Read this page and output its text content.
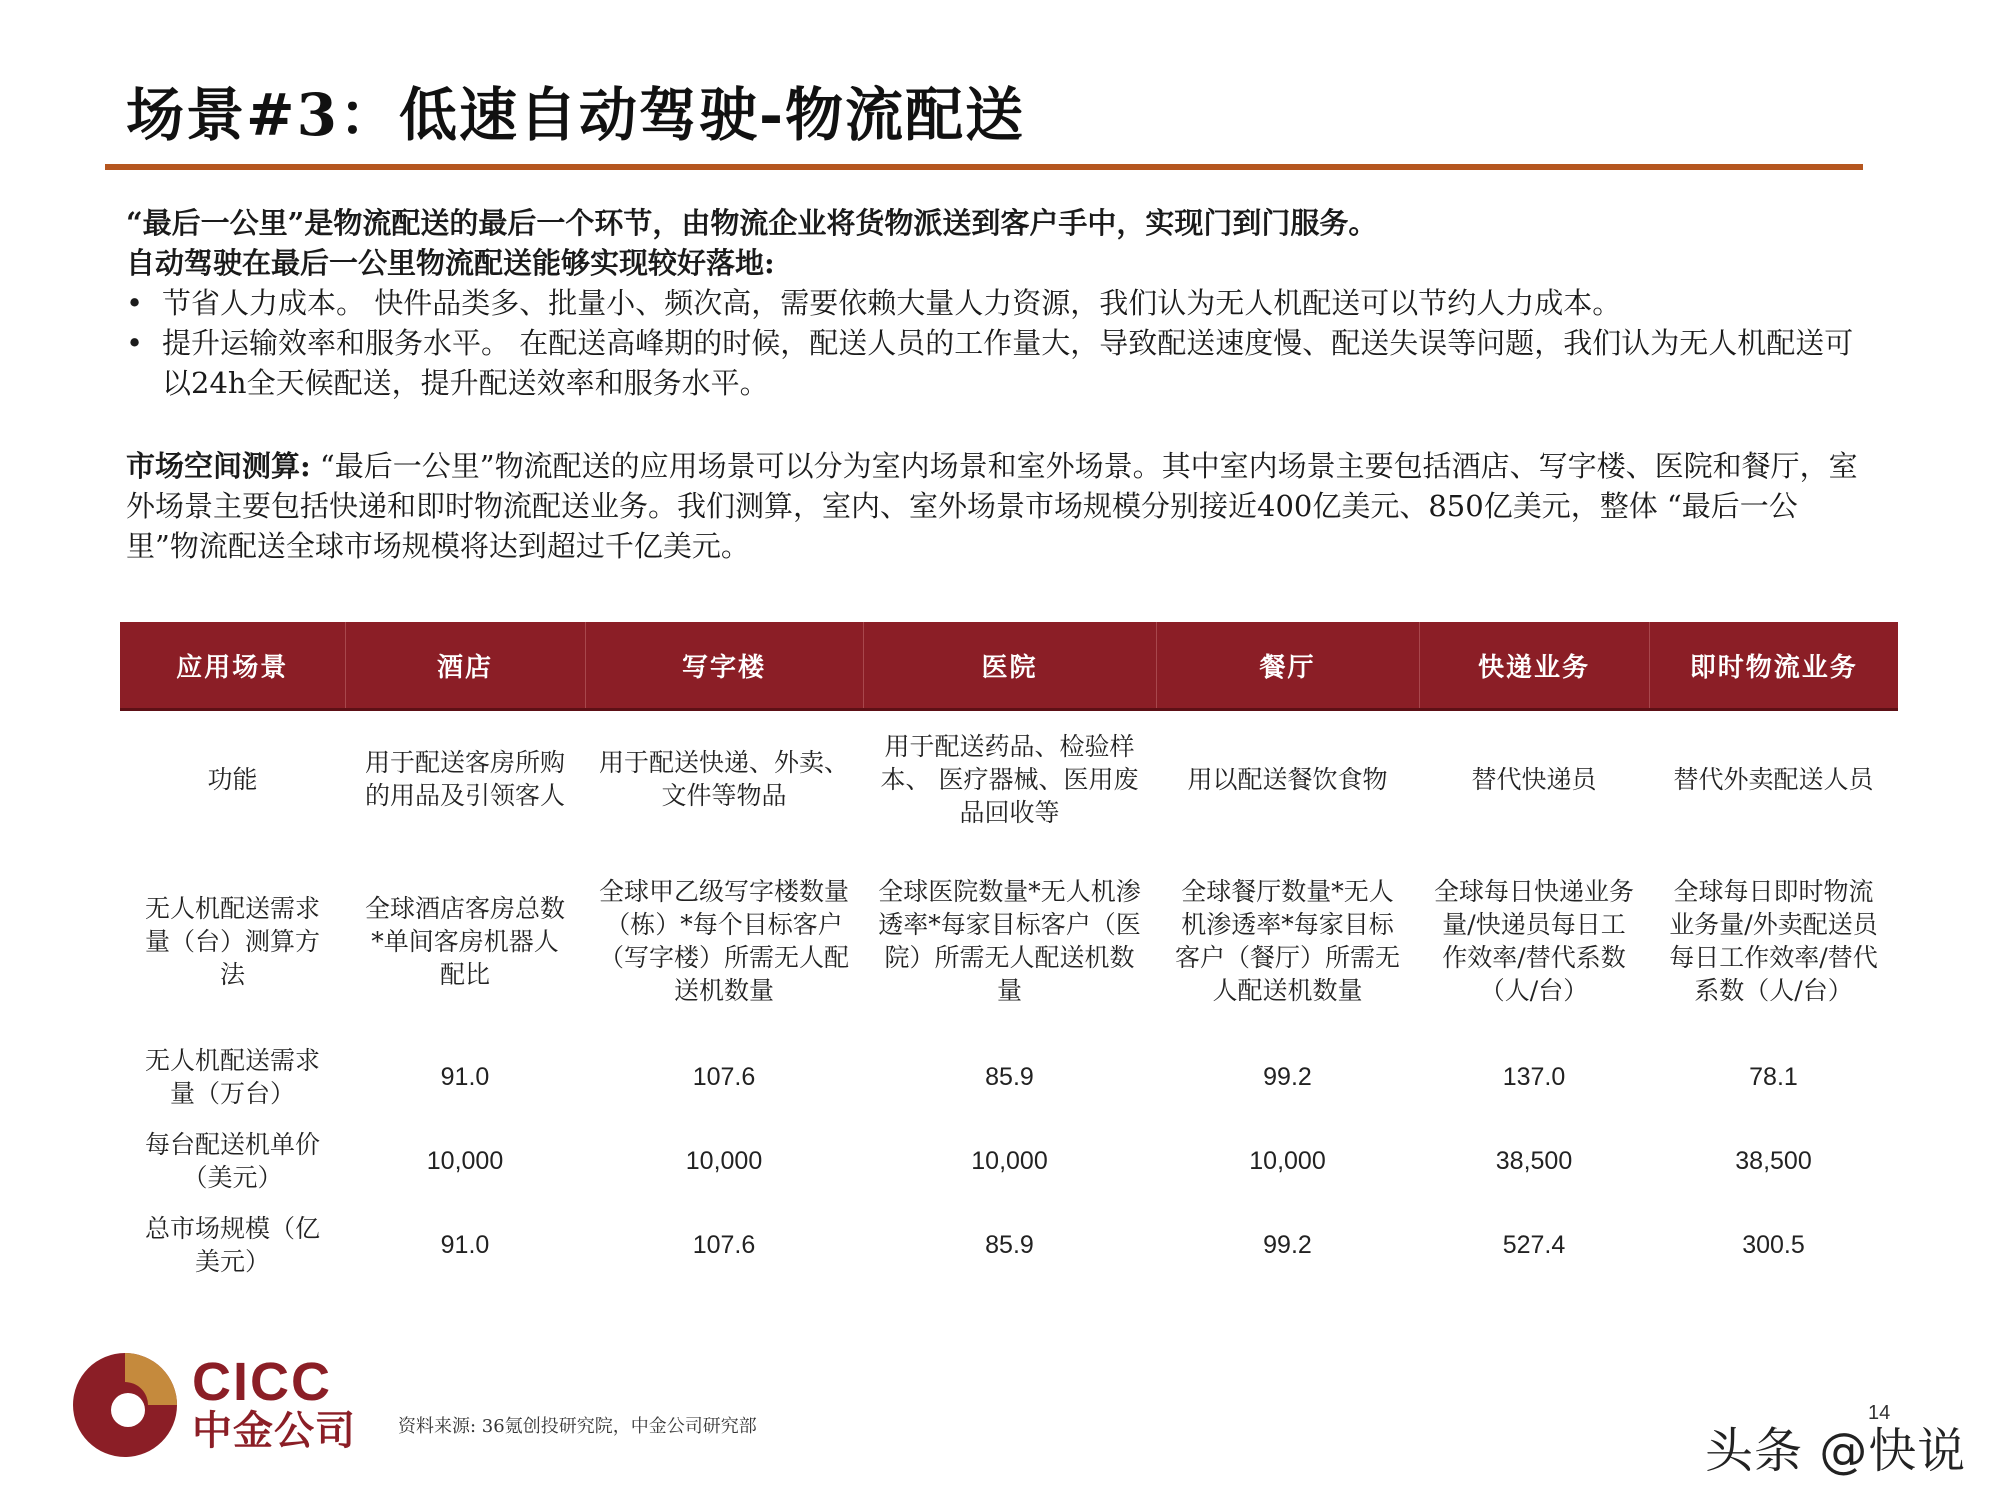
场景#3：低速自动驾驶-物流配送
“最后一公里”是物流配送的最后一个环节，由物流企业将货物派送到客户手中，实现门到门服务。
自动驾驶在最后一公里物流配送能够实现较好落地:
• 节省人力成本。 快件品类多、批量小、频次高，需要依赖大量人力资源，我们认为无人机配送可以节约人力成本。
• 提升运输效率和服务水平。 在配送高峰期的时候，配送人员的工作量大，导致配送速度慢、配送失误等问题，我们认为无人机配送可以24h全天候配送，提升配送效率和服务水平。
市场空间测算: “最后一公里”物流配送的应用场景可以分为室内场景和室外场景。其中室内场景主要包括酒店、写字楼、医院和餐厅，室外场景主要包括快递和即时物流配送业务。我们测算，室内、室外场景市场规模分别接近400亿美元、850亿美元，整体 “最后一公里”物流配送全球市场规模将达到超过千亿美元。
应用场景	酒店	写字楼	医院	餐厅	快递业务	即时物流业务
功能	用于配送客房所购的用品及引领客人	用于配送快递、外卖、文件等物品	用于配送药品、检验样本、 医疗器械、医用废品回收等	用以配送餐饮食物	替代快递员	替代外卖配送人员
无人机配送需求量（台）测算方法	全球酒店客房总数*单间客房机器人配比	全球甲乙级写字楼数量（栋）*每个目标客户（写字楼）所需无人配送机数量	全球医院数量*无人机渗透率*每家目标客户（医院）所需无人配送机数量	全球餐厅数量*无人机渗透率*每家目标客户（餐厅）所需无人配送机数量	全球每日快递业务量/快递员每日工作效率/替代系数（人/台）	全球每日即时物流业务量/外卖配送员每日工作效率/替代系数（人/台）
无人机配送需求量（万台）	91.0	107.6	85.9	99.2	137.0	78.1
每台配送机单价（美元）	10,000	10,000	10,000	10,000	38,500	38,500
总市场规模（亿美元）	91.0	107.6	85.9	99.2	527.4	300.5
CICC
中金公司 资料来源: 36氪创投研究院，中金公司研究部
14
头条 @快说
